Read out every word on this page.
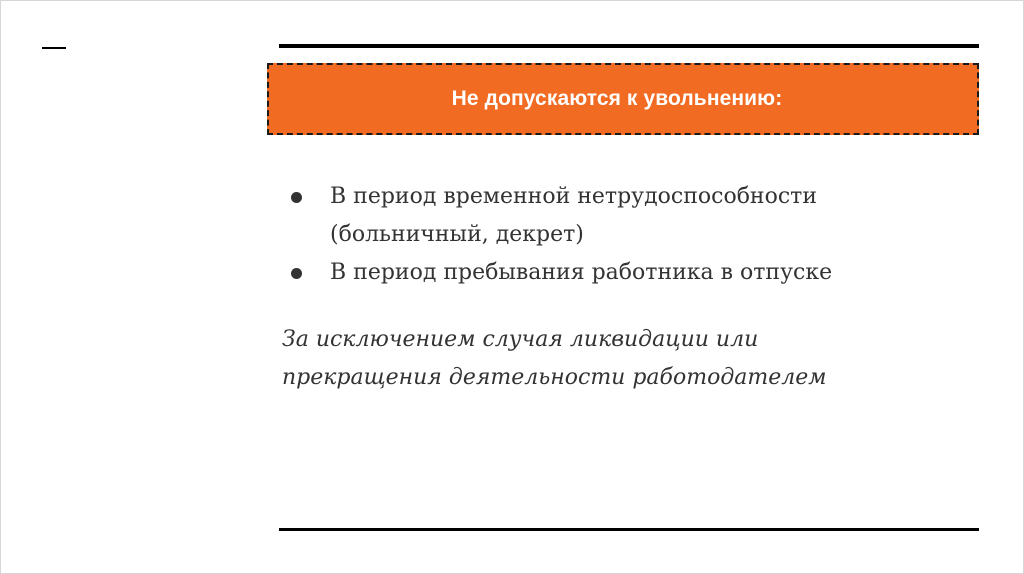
Не допускаются к увольнению:
В период временной нетрудоспособности (больничный, декрет)
В период пребывания работника в отпуске

За исключением случая ликвидации или
прекращения деятельности работодателем
